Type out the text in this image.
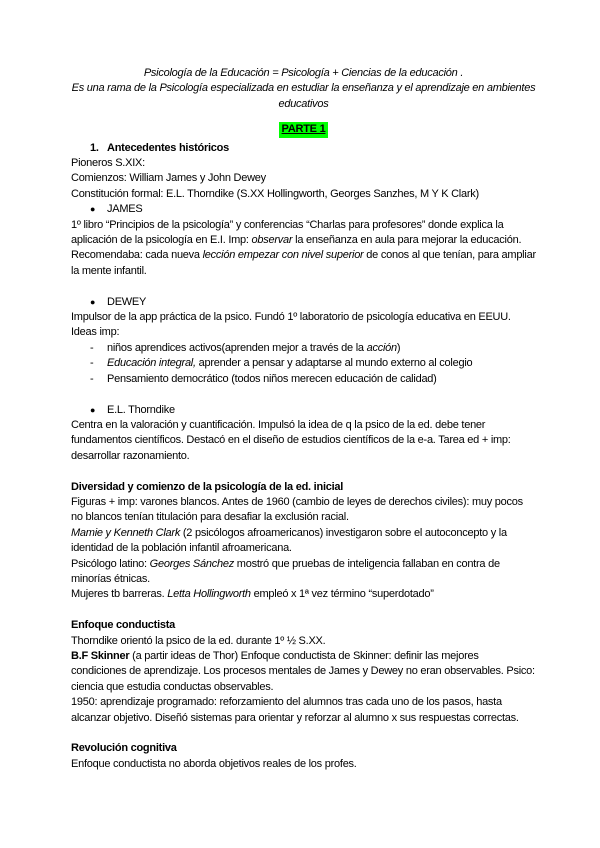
Psicología de la Educación = Psicología + Ciencias de la educación .

Es una rama de la Psicología especializada en estudiar la enseñanza y el aprendizaje en ambientes educativos

PARTE 1

1. Antecedentes históricos

Pioneros S.XIX:

Comienzos: William James y John Dewey

Constitución formal: E.L. Thorndike (S.XX Hollingworth, Georges Sanzhes, M Y K Clark)

●	JAMES

1º libro “Principios de la psicología” y conferencias “Charlas para profesores” donde explica la aplicación de la psicología en E.I. Imp: observar la enseñanza en aula para mejorar la educación. Recomendaba: cada nueva lección empezar con nivel superior de conos al que tenían, para ampliar la mente infantil.

●	DEWEY

Impulsor de la app práctica de la psico. Fundó 1º laboratorio de psicología educativa en EEUU. Ideas imp:

-	niños aprendices activos(aprenden mejor a través de la acción)
-	Educación integral, aprender a pensar y adaptarse al mundo externo al colegio
-	Pensamiento democrático (todos niños merecen educación de calidad)
●	E.L. Thorndike

Centra en la valoración y cuantificación. Impulsó la idea de q la psico de la ed. debe tener fundamentos científicos. Destacó en el diseño de estudios científicos de la e-a. Tarea ed + imp: desarrollar razonamiento.

Diversidad y comienzo de la psicología de la ed. inicial

Figuras + imp: varones blancos. Antes de 1960 (cambio de leyes de derechos civiles): muy pocos no blancos tenían titulación para desafiar la exclusión racial.

Mamie y Kenneth Clark (2 psicólogos afroamericanos) investigaron sobre el autoconcepto y la identidad de la población infantil afroamericana.

Psicólogo latino: Georges Sánchez mostró que pruebas de inteligencia fallaban en contra de minorías étnicas.

Mujeres tb barreras. Letta Hollingworth empleó x 1ª vez término “superdotado”

Enfoque conductista

Thorndike orientó la psico de la ed. durante 1º ½ S.XX.

B.F Skinner (a partir ideas de Thor) Enfoque conductista de Skinner: definir las mejores condiciones de aprendizaje. Los procesos mentales de James y Dewey no eran observables. Psico: ciencia que estudia conductas observables.

1950: aprendizaje programado: reforzamiento del alumnos tras cada uno de los pasos, hasta alcanzar objetivo. Diseñó sistemas para orientar y reforzar al alumno x sus respuestas correctas.

Revolución cognitiva

Enfoque conductista no aborda objetivos reales de los profes.
